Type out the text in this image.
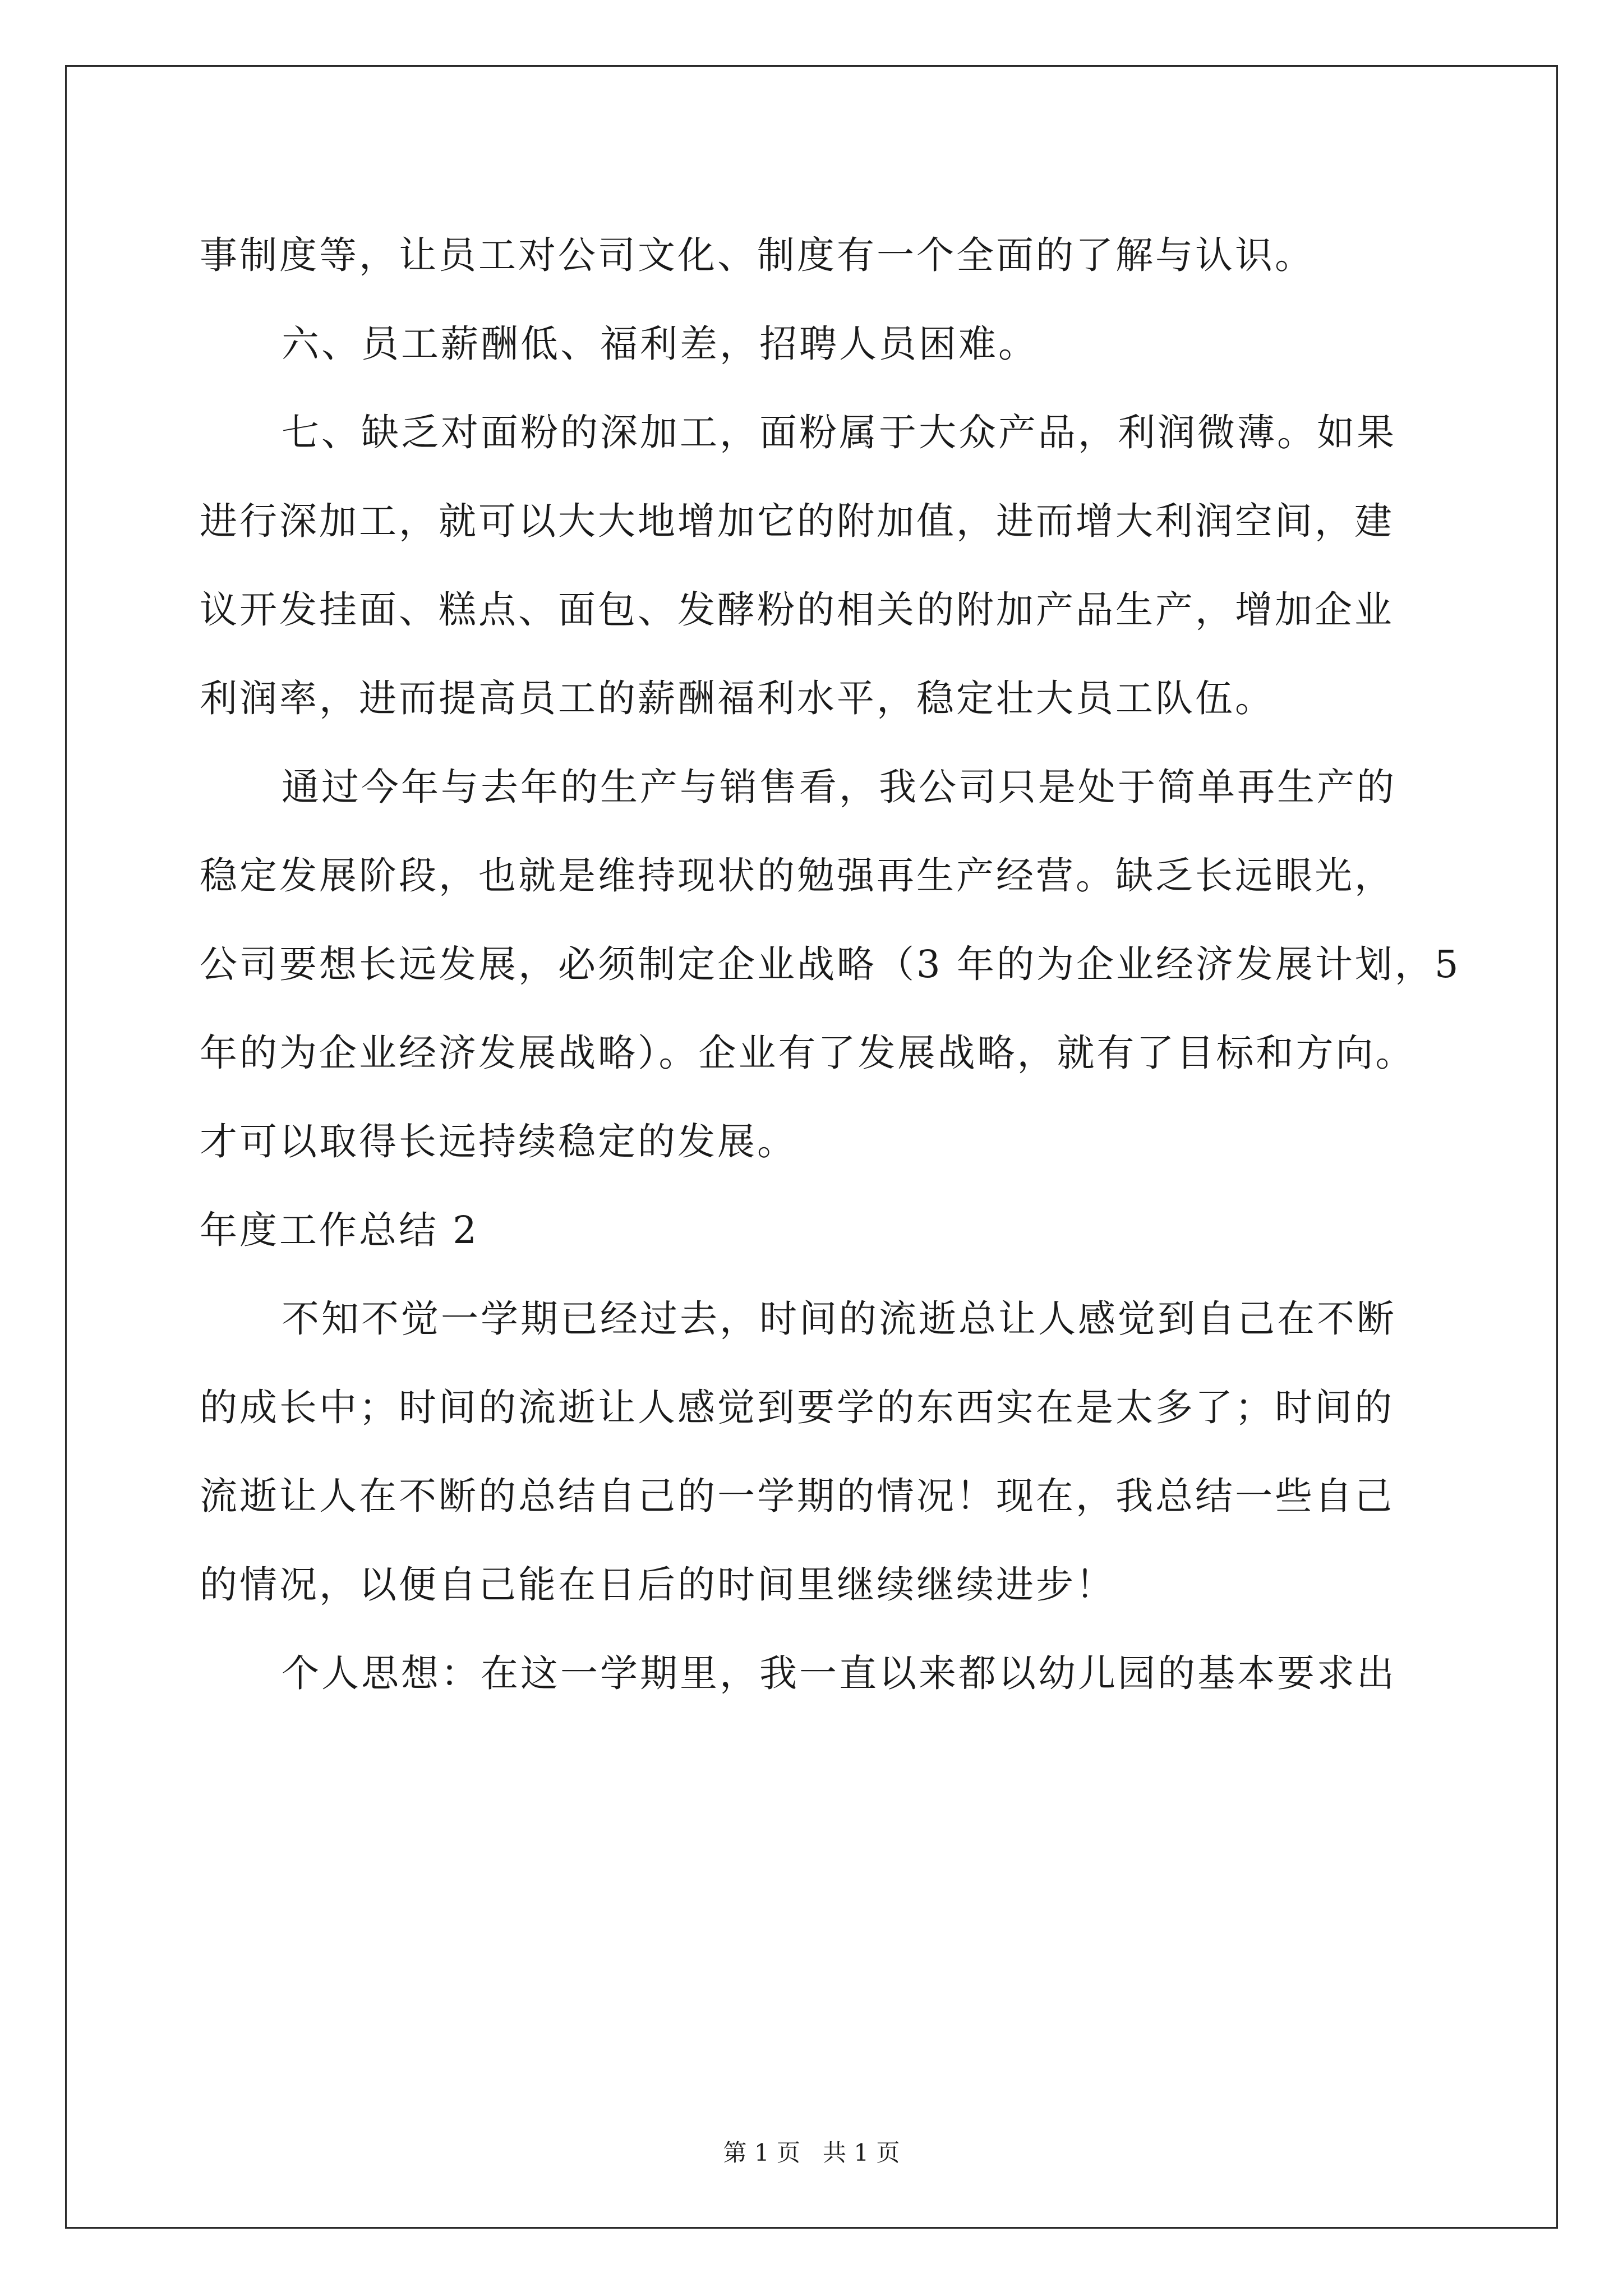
事制度等，让员工对公司文化、制度有一个全面的了解与认识。
六、员工薪酬低、福利差，招聘人员困难。
七、缺乏对面粉的深加工，面粉属于大众产品，利润微薄。如果
进行深加工，就可以大大地增加它的附加值，进而增大利润空间，建
议开发挂面、糕点、面包、发酵粉的相关的附加产品生产，增加企业
利润率，进而提高员工的薪酬福利水平，稳定壮大员工队伍。
通过今年与去年的生产与销售看，我公司只是处于简单再生产的
稳定发展阶段，也就是维持现状的勉强再生产经营。缺乏长远眼光，
公司要想长远发展，必须制定企业战略（3 年的为企业经济发展计划，5
年的为企业经济发展战略）。企业有了发展战略，就有了目标和方向。
才可以取得长远持续稳定的发展。
年度工作总结 2
不知不觉一学期已经过去，时间的流逝总让人感觉到自己在不断
的成长中；时间的流逝让人感觉到要学的东西实在是太多了；时间的
流逝让人在不断的总结自己的一学期的情况！现在，我总结一些自己
的情况，以便自己能在日后的时间里继续继续进步！
个人思想：在这一学期里，我一直以来都以幼儿园的基本要求出
第 1 页   共 1 页
